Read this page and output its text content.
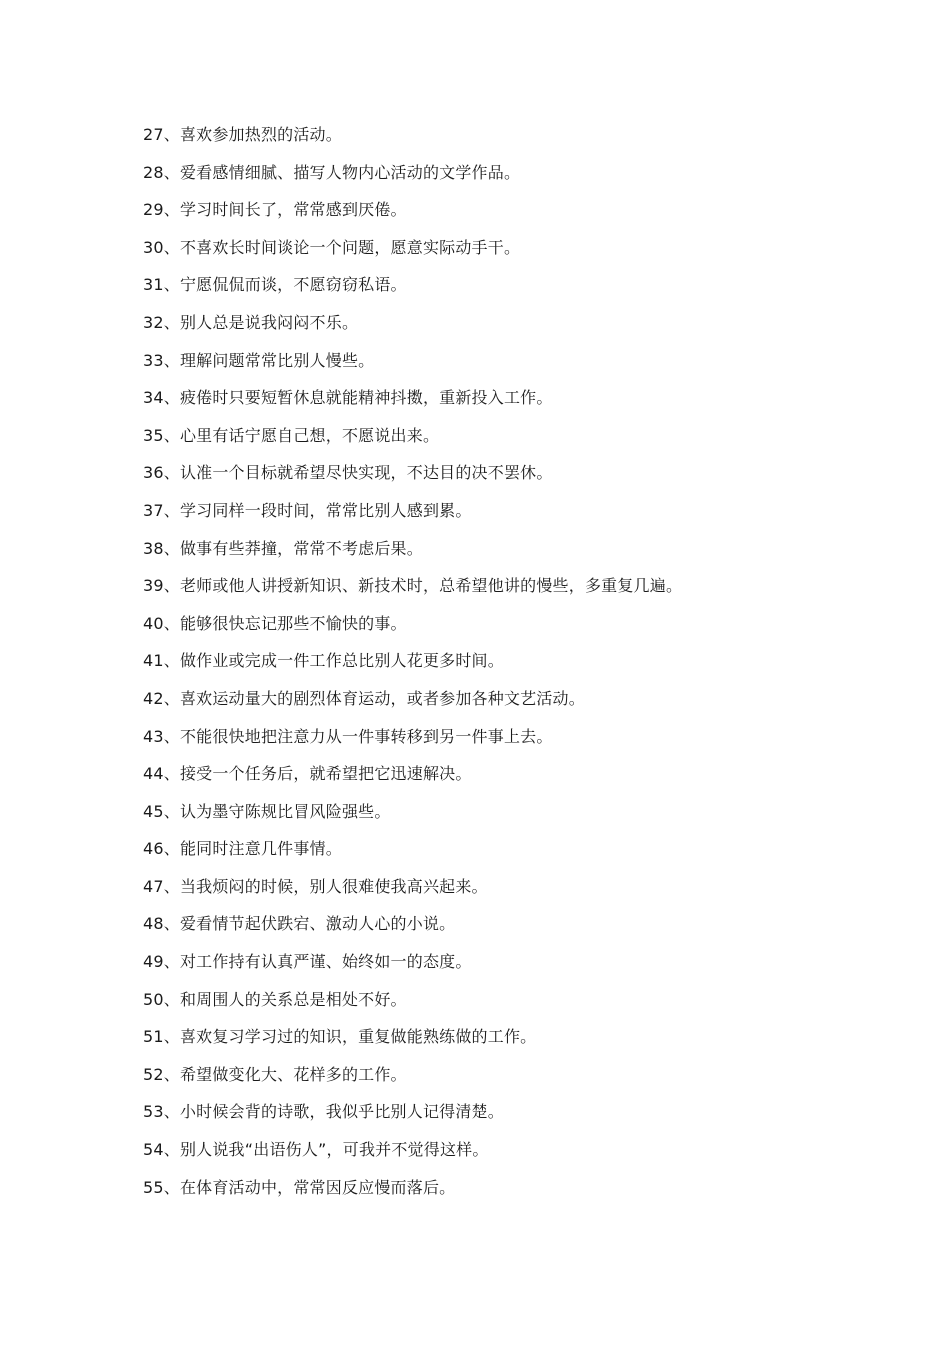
27、喜欢参加热烈的活动。
28、爱看感情细腻、描写人物内心活动的文学作品。
29、学习时间长了，常常感到厌倦。
30、不喜欢长时间谈论一个问题，愿意实际动手干。
31、宁愿侃侃而谈，不愿窃窃私语。
32、别人总是说我闷闷不乐。
33、理解问题常常比别人慢些。
34、疲倦时只要短暂休息就能精神抖擞，重新投入工作。
35、心里有话宁愿自己想，不愿说出来。
36、认准一个目标就希望尽快实现，不达目的决不罢休。
37、学习同样一段时间，常常比别人感到累。
38、做事有些莽撞，常常不考虑后果。
39、老师或他人讲授新知识、新技术时，总希望他讲的慢些，多重复几遍。
40、能够很快忘记那些不愉快的事。
41、做作业或完成一件工作总比别人花更多时间。
42、喜欢运动量大的剧烈体育运动，或者参加各种文艺活动。
43、不能很快地把注意力从一件事转移到另一件事上去。
44、接受一个任务后，就希望把它迅速解决。
45、认为墨守陈规比冒风险强些。
46、能同时注意几件事情。
47、当我烦闷的时候，别人很难使我高兴起来。
48、爱看情节起伏跌宕、激动人心的小说。
49、对工作持有认真严谨、始终如一的态度。
50、和周围人的关系总是相处不好。
51、喜欢复习学习过的知识，重复做能熟练做的工作。
52、希望做变化大、花样多的工作。
53、小时候会背的诗歌，我似乎比别人记得清楚。
54、别人说我“出语伤人”，可我并不觉得这样。
55、在体育活动中，常常因反应慢而落后。
